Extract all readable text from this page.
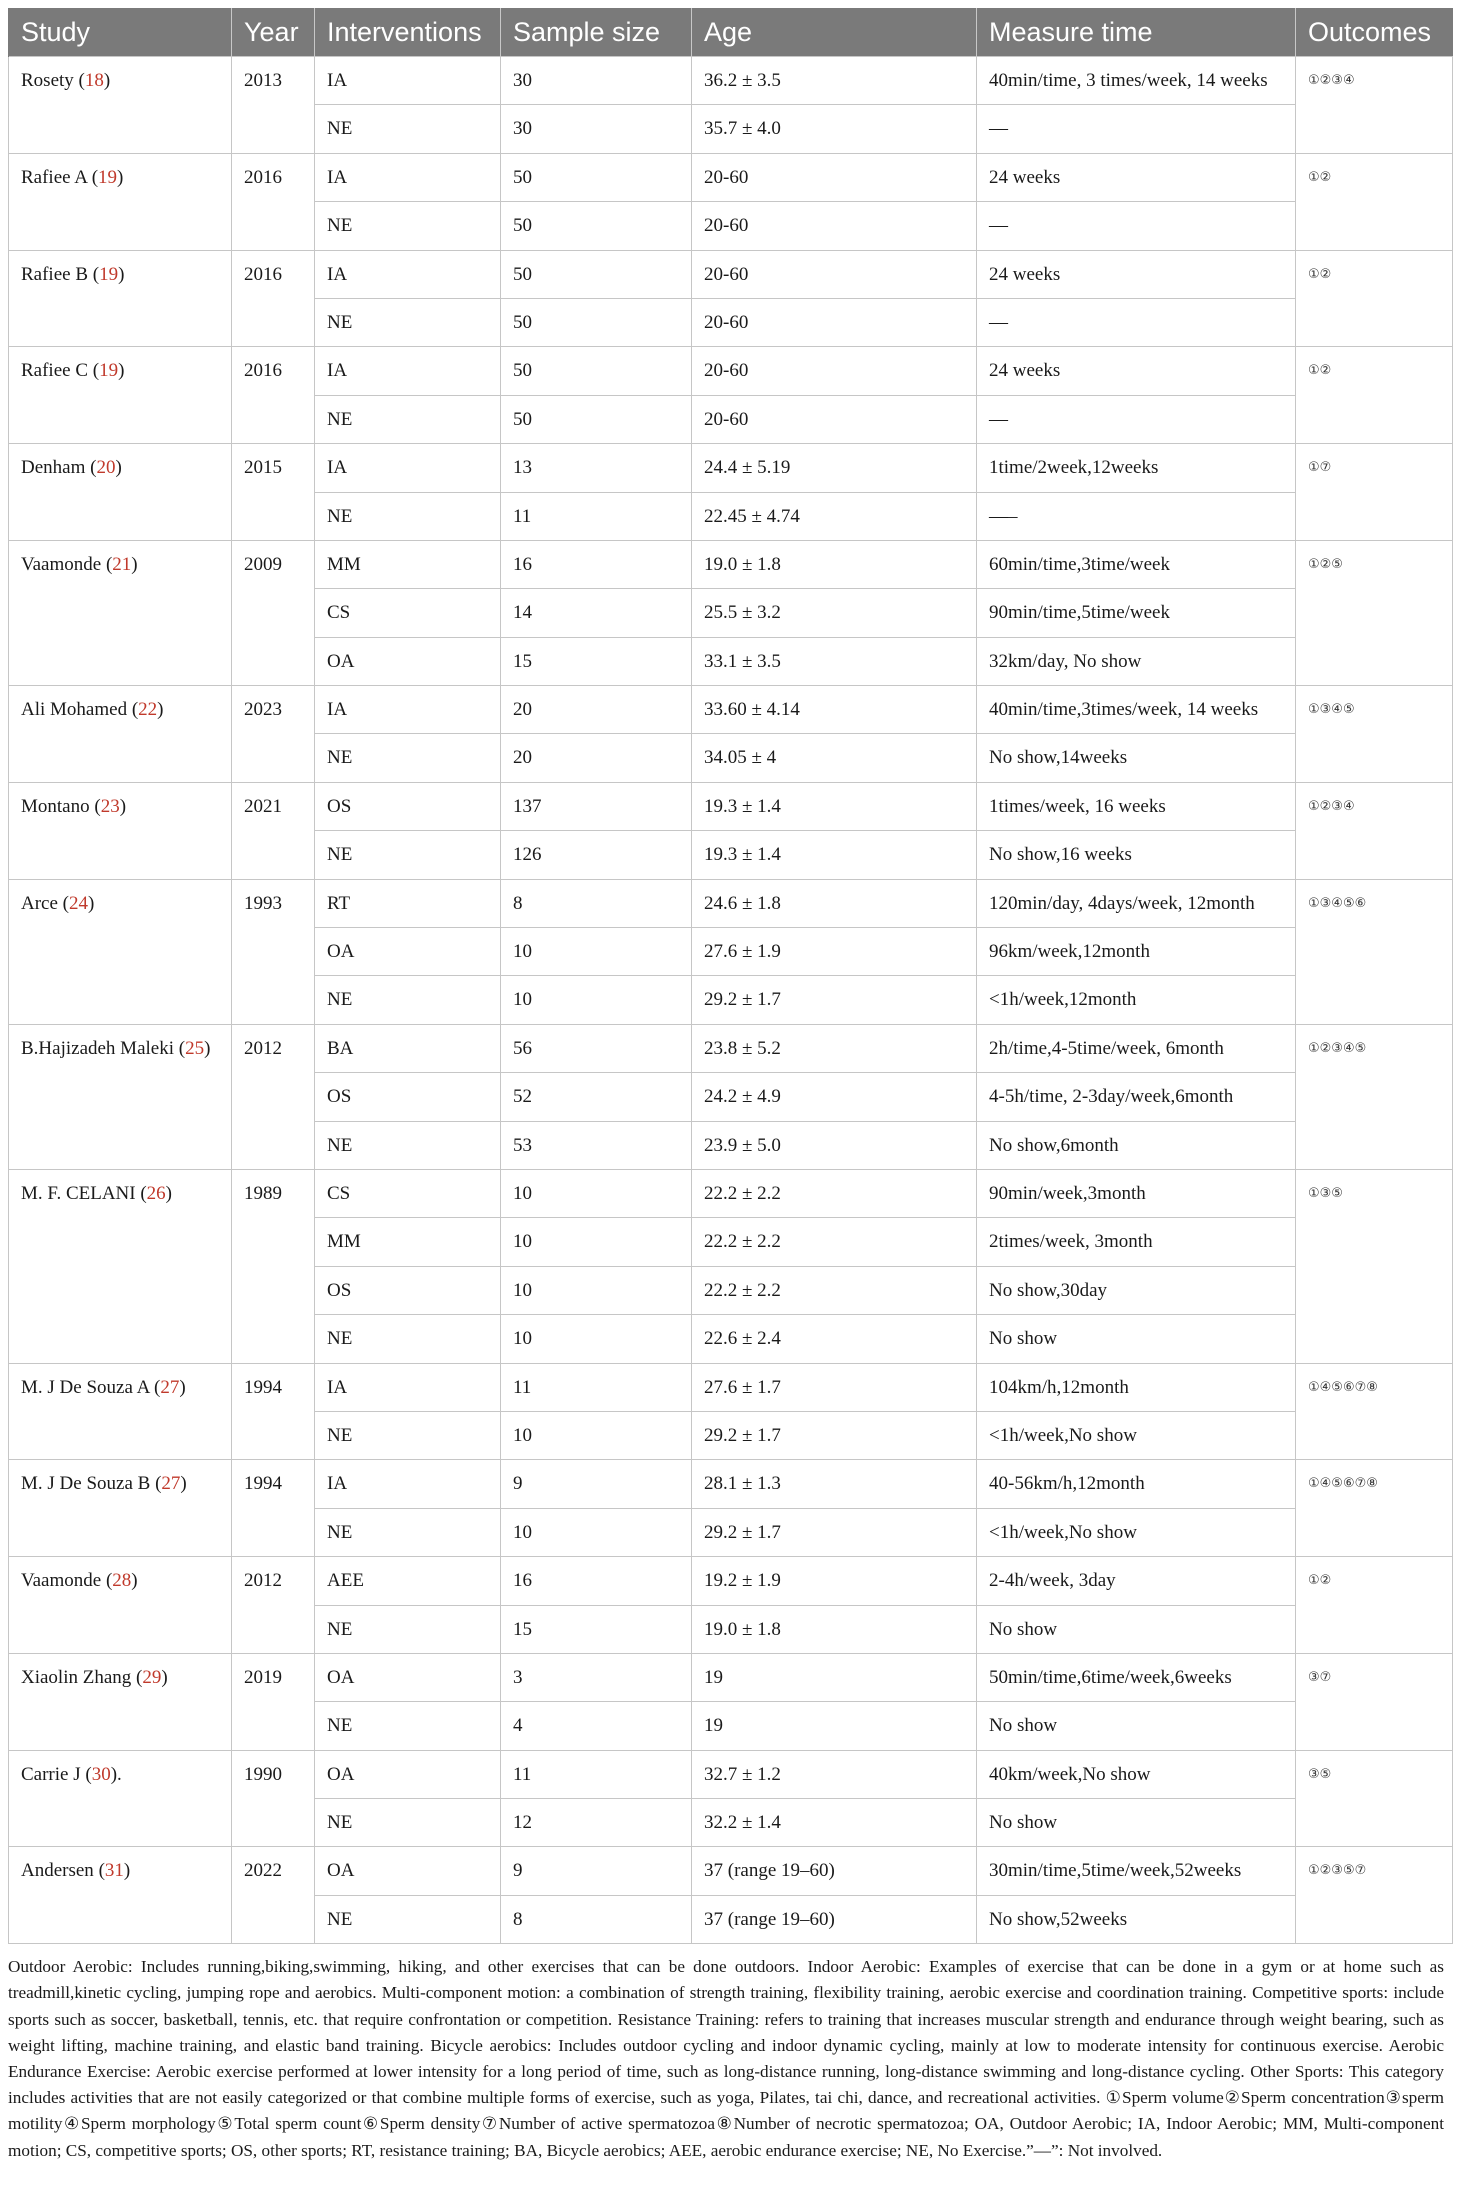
Study	Year	Interventions	Sample size	Age	Measure time	Outcomes

Rosety (18)	2013	IA	30	36.2 ± 3.5	40min/time, 3 times/week, 14 weeks	①②③④

		NE	30	35.7 ± 4.0	—	

Rafiee A (19)	2016	IA	50	20-60	24 weeks	①②

		NE	50	20-60	—	

Rafiee B (19)	2016	IA	50	20-60	24 weeks	①②

		NE	50	20-60	—	

Rafiee C (19)	2016	IA	50	20-60	24 weeks	①②

		NE	50	20-60	—	

Denham (20)	2015	IA	13	24.4 ± 5.19	1time/2week,12weeks	①⑦

		NE	11	22.45 ± 4.74	—–	

Vaamonde (21)	2009	MM	16	19.0 ± 1.8	60min/time,3time/week	①②⑤

		CS	14	25.5 ± 3.2	90min/time,5time/week	

		OA	15	33.1 ± 3.5	32km/day, No show	

Ali Mohamed (22)	2023	IA	20	33.60 ± 4.14	40min/time,3times/week, 14 weeks	①③④⑤

		NE	20	34.05 ± 4	No show,14weeks	

Montano (23)	2021	OS	137	19.3 ± 1.4	1times/week, 16 weeks	①②③④

		NE	126	19.3 ± 1.4	No show,16 weeks	

Arce (24)	1993	RT	8	24.6 ± 1.8	120min/day, 4days/week, 12month	①③④⑤⑥

		OA	10	27.6 ± 1.9	96km/week,12month	

		NE	10	29.2 ± 1.7	<1h/week,12month	

B.Hajizadeh Maleki (25)	2012	BA	56	23.8 ± 5.2	2h/time,4-5time/week, 6month	①②③④⑤

		OS	52	24.2 ± 4.9	4-5h/time, 2-3day/week,6month	

		NE	53	23.9 ± 5.0	No show,6month	

M. F. CELANI (26)	1989	CS	10	22.2 ± 2.2	90min/week,3month	①③⑤

		MM	10	22.2 ± 2.2	2times/week, 3month	

		OS	10	22.2 ± 2.2	No show,30day	

		NE	10	22.6 ± 2.4	No show	

M. J De Souza A (27)	1994	IA	11	27.6 ± 1.7	104km/h,12month	①④⑤⑥⑦⑧

		NE	10	29.2 ± 1.7	<1h/week,No show	

M. J De Souza B (27)	1994	IA	9	28.1 ± 1.3	40-56km/h,12month	①④⑤⑥⑦⑧

		NE	10	29.2 ± 1.7	<1h/week,No show	

Vaamonde (28)	2012	AEE	16	19.2 ± 1.9	2-4h/week, 3day	①②

		NE	15	19.0 ± 1.8	No show	

Xiaolin Zhang (29)	2019	OA	3	19	50min/time,6time/week,6weeks	③⑦

		NE	4	19	No show	

Carrie J (30).	1990	OA	11	32.7 ± 1.2	40km/week,No show	③⑤

		NE	12	32.2 ± 1.4	No show	

Andersen (31)	2022	OA	9	37 (range 19–60)	30min/time,5time/week,52weeks	①②③⑤⑦

		NE	8	37 (range 19–60)	No show,52weeks	
Outdoor Aerobic: Includes running,biking,swimming, hiking, and other exercises that can be done outdoors. Indoor Aerobic: Examples of exercise that can be done in a gym or at home such as treadmill,kinetic cycling, jumping rope and aerobics. Multi-component motion: a combination of strength training, flexibility training, aerobic exercise and coordination training. Competitive sports: include sports such as soccer, basketball, tennis, etc. that require confrontation or competition. Resistance Training: refers to training that increases muscular strength and endurance through weight bearing, such as weight lifting, machine training, and elastic band training. Bicycle aerobics: Includes outdoor cycling and indoor dynamic cycling, mainly at low to moderate intensity for continuous exercise. Aerobic Endurance Exercise: Aerobic exercise performed at lower intensity for a long period of time, such as long-distance running, long-distance swimming and long-distance cycling. Other Sports: This category includes activities that are not easily categorized or that combine multiple forms of exercise, such as yoga, Pilates, tai chi, dance, and recreational activities. ①Sperm volume②Sperm concentration③sperm motility④Sperm morphology⑤Total sperm count⑥Sperm density⑦Number of active spermatozoa⑧Number of necrotic spermatozoa; OA, Outdoor Aerobic; IA, Indoor Aerobic; MM, Multi-component motion; CS, competitive sports; OS, other sports; RT, resistance training; BA, Bicycle aerobics; AEE, aerobic endurance exercise; NE, No Exercise.”—”: Not involved.
